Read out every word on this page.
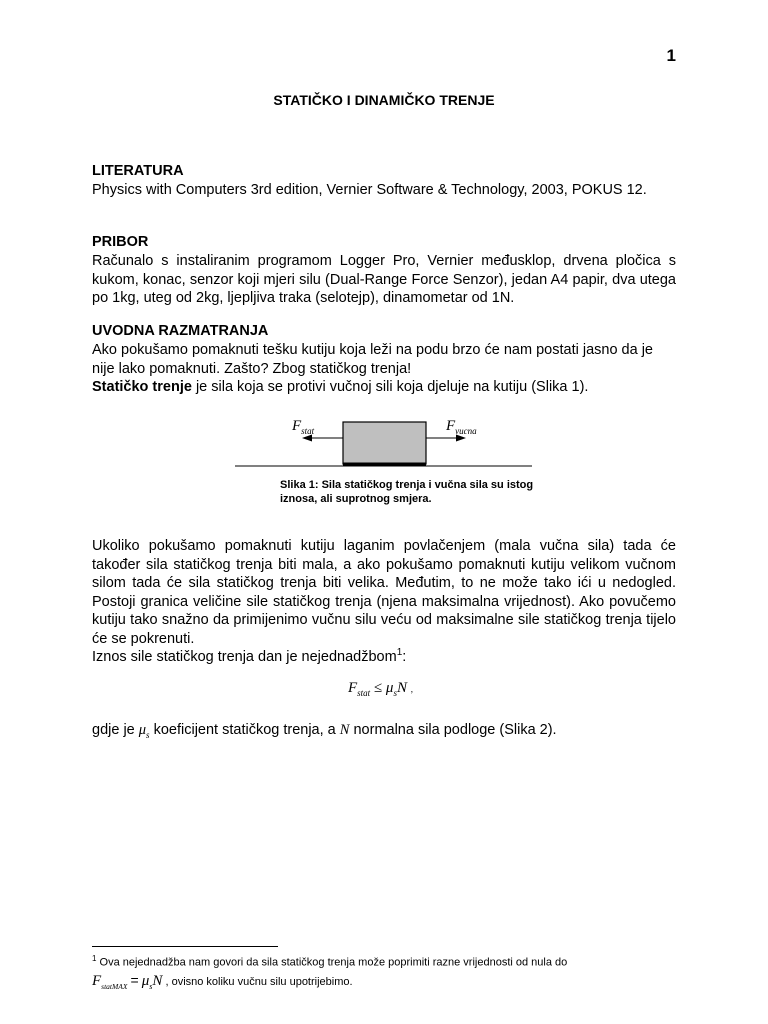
1
STATIČKO I DINAMIČKO TRENJE
LITERATURA
Physics with Computers 3rd edition, Vernier Software & Technology, 2003, POKUS 12.
PRIBOR
Računalo s instaliranim programom Logger Pro, Vernier međusklop, drvena pločica s kukom, konac, senzor koji mjeri silu (Dual-Range Force Senzor), jedan A4 papir, dva utega po 1kg, uteg od 2kg, ljepljiva traka (selotejp), dinamometar od 1N.
UVODNA RAZMATRANJA
Ako pokušamo pomaknuti tešku kutiju koja leži na podu brzo će nam postati jasno da je nije lako pomaknuti. Zašto? Zbog statičkog trenja!
Statičko trenje je sila koja se protivi vučnoj sili koja djeluje na kutiju (Slika 1).
$F_{stat}$	$F_{vucna}$
Slika 1: Sila statičkog trenja i vučna sila su istog iznosa, ali suprotnog smjera.
Ukoliko pokušamo pomaknuti kutiju laganim povlačenjem (mala vučna sila) tada će također sila statičkog trenja biti mala, a ako pokušamo pomaknuti kutiju velikom vučnom silom tada će sila statičkog trenja biti velika. Međutim, to ne može tako ići u nedogled. Postoji granica veličine sile statičkog trenja (njena maksimalna vrijednost). Ako povučemo kutiju tako snažno da primijenimo vučnu silu veću od maksimalne sile statičkog trenja tijelo će se pokrenuti.
Iznos sile statičkog trenja dan je nejednadžbom$^1$:
$F_{stat} \le \mu_sN$ ,
gdje je $\mu_s$ koeficijent statičkog trenja, a N normalna sila podloge (Slika 2).
$^1$ Ova nejednadžba nam govori da sila statičkog trenja može poprimiti razne vrijednosti od nula do
$F_{statMAX} = \mu_sN$ , ovisno koliku vučnu silu upotrijebimo.
